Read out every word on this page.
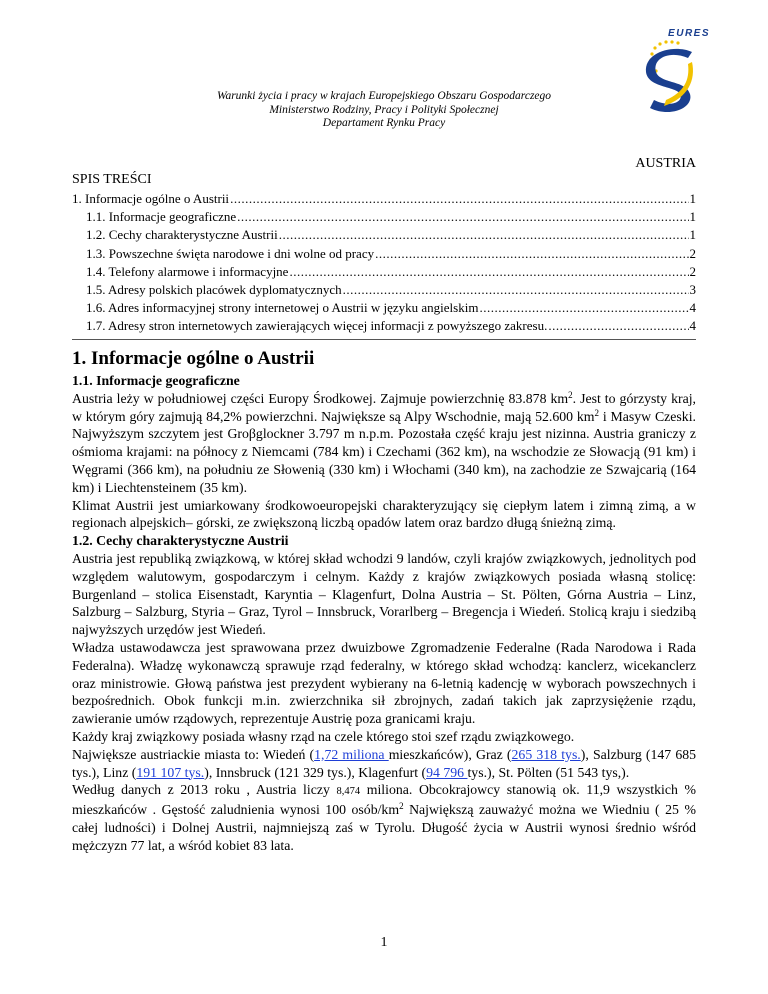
EURES
Warunki życia i pracy w krajach Europejskiego Obszaru Gospodarczego
Ministerstwo Rodziny, Pracy i Polityki Społecznej
Departament Rynku Pracy
AUSTRIA
SPIS TREŚCI
1. Informacje ogólne o Austrii .....	1
1.1. Informacje geograficzne .....	1
1.2. Cechy charakterystyczne Austrii .....	1
1.3. Powszechne święta narodowe i dni wolne od pracy .....	2
1.4. Telefony alarmowe i informacyjne .....	2
1.5. Adresy polskich placówek dyplomatycznych .....	3
1.6. Adres informacyjnej strony internetowej o Austrii w języku angielskim .....	4
1.7. Adresy stron internetowych zawierających więcej informacji z powyższego zakresu. .....	4
1. Informacje ogólne o Austrii

1.1. Informacje geograficzne

Austria leży w południowej części Europy Środkowej. Zajmuje powierzchnię 83.878 $km^2$. Jest to górzysty kraj, w którym góry zajmują 84,2% powierzchni. Największe są Alpy Wschodnie, mają 52.600 $km^2$ i Masyw Czeski. Najwyższym szczytem jest Groβglockner 3.797 m n.p.m. Pozostała część kraju jest nizinna. Austria graniczy z ośmioma krajami: na północy z Niemcami (784 km) i Czechami (362 km), na wschodzie ze Słowacją (91 km) i Węgrami (366 km), na południu ze Słowenią (330 km) i Włochami (340 km), na zachodzie ze Szwajcarią (164 km) i Liechtensteinem (35 km).

Klimat Austrii jest umiarkowany środkowoeuropejski charakteryzujący się ciepłym latem i zimną zimą, a w regionach alpejskich– górski, ze zwiększoną liczbą opadów latem oraz bardzo długą śnieżną zimą.

1.2. Cechy charakterystyczne Austrii

Austria jest republiką związkową, w której skład wchodzi 9 landów, czyli krajów związkowych, jednolitych pod względem walutowym, gospodarczym i celnym. Każdy z krajów związkowych posiada własną stolicę: Burgenland – stolica Eisenstadt, Karyntia – Klagenfurt, Dolna Austria – St. Pölten, Górna Austria – Linz, Salzburg – Salzburg, Styria – Graz, Tyrol – Innsbruck, Vorarlberg – Bregencja i Wiedeń. Stolicą kraju i siedzibą najwyższych urzędów jest Wiedeń.

Władza ustawodawcza jest sprawowana przez dwuizbowe Zgromadzenie Federalne (Rada Narodowa i Rada Federalna). Władzę wykonawczą sprawuje rząd federalny, w którego skład wchodzą: kanclerz, wicekanclerz oraz ministrowie. Głową państwa jest prezydent wybierany na 6-letnią kadencję w wyborach powszechnych i bezpośrednich. Obok funkcji m.in. zwierzchnika sił zbrojnych, zadań takich jak zaprzysiężenie rządu, zawieranie umów rządowych, reprezentuje Austrię poza granicami kraju.

Każdy kraj związkowy posiada własny rząd na czele którego stoi szef rządu związkowego.

Największe austriackie miasta to: Wiedeń (1,72 miliona mieszkańców), Graz (265 318 tys.), Salzburg (147 685 tys.), Linz (191 107 tys.), Innsbruck (121 329 tys.), Klagenfurt (94 796 tys.), St. Pölten (51 543 tys,).

Według danych z 2013 roku , Austria liczy 8,474 miliona. Obcokrajowcy stanowią ok. 11,9 wszystkich % mieszkańców . Gęstość zaludnienia wynosi 100 osób/$km^2$ Największą zauważyć można we Wiedniu ( 25 % całej ludności) i Dolnej Austrii, najmniejszą zaś w Tyrolu. Długość życia w Austrii wynosi średnio wśród mężczyzn 77 lat, a wśród kobiet 83 lata.

1
